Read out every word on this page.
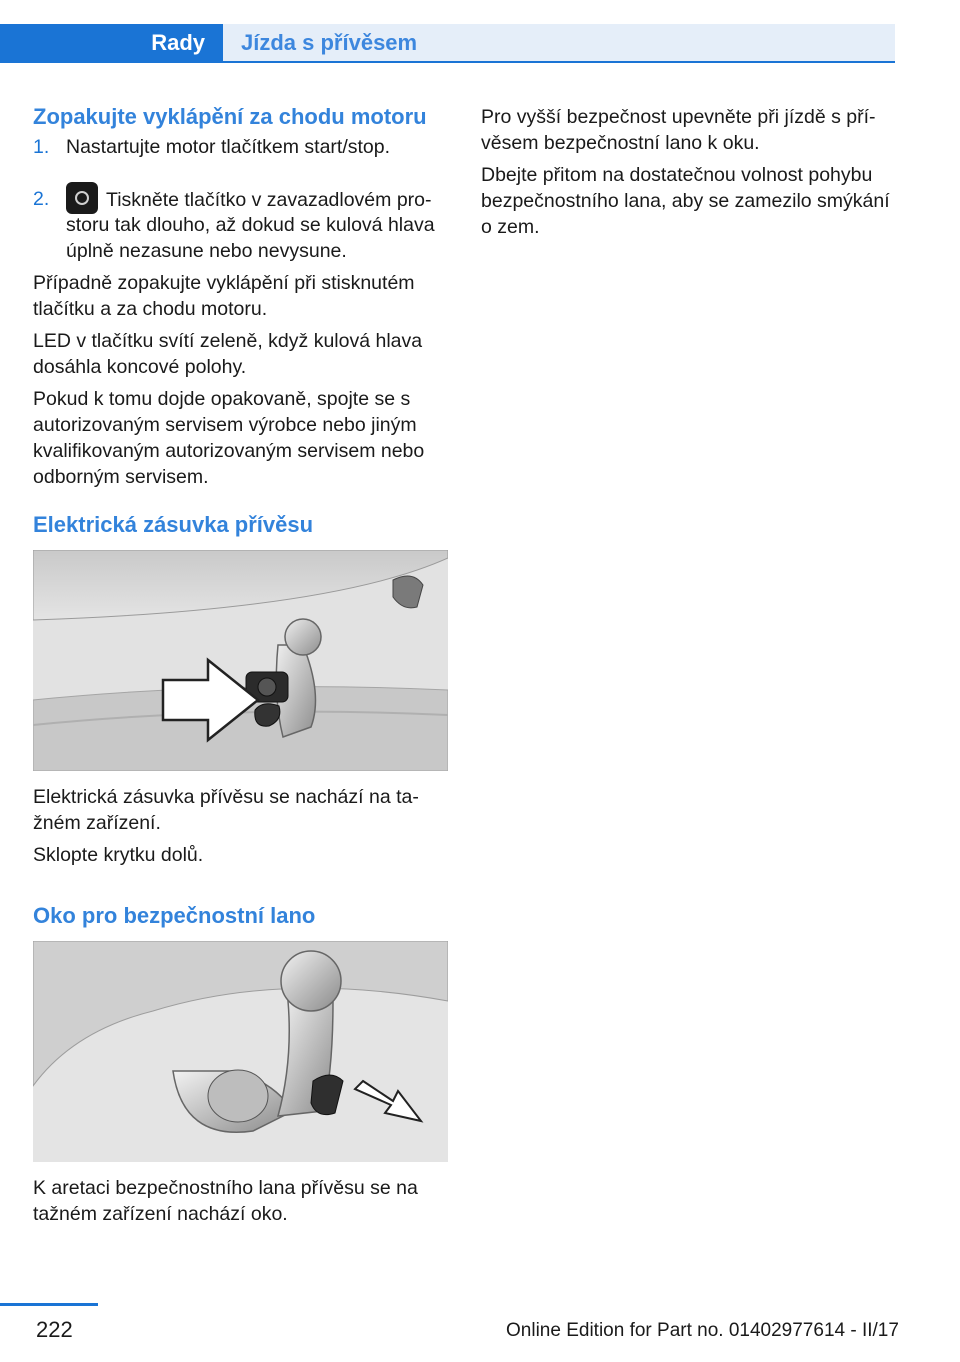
Rady	Jízda s přívěsem
Zopakujte vyklápění za chodu motoru
1. Nastartujte motor tlačítkem start/stop.
2.	Tiskněte tlačítko v zavazadlovém pro‐
storu tak dlouho, až dokud se kulová hlava
úplně nezasune nebo nevysune.
Případně zopakujte vyklápění při stisknutém
tlačítku a za chodu motoru.
LED v tlačítku svítí zeleně, když kulová hlava
dosáhla koncové polohy.
Pokud k tomu dojde opakovaně, spojte se s
autorizovaným servisem výrobce nebo jiným
kvalifikovaným autorizovaným servisem nebo
odborným servisem.
Elektrická zásuvka přívěsu
Elektrická zásuvka přívěsu se nachází na ta‐
žném zařízení.
Sklopte krytku dolů.
Oko pro bezpečnostní lano
K aretaci bezpečnostního lana přívěsu se na
tažném zařízení nachází oko.
Pro vyšší bezpečnost upevněte při jízdě s pří‐
věsem bezpečnostní lano k oku.
Dbejte přitom na dostatečnou volnost pohybu
bezpečnostního lana, aby se zamezilo smýkání
o zem.
222	Online Edition for Part no. 01402977614 - II/17
